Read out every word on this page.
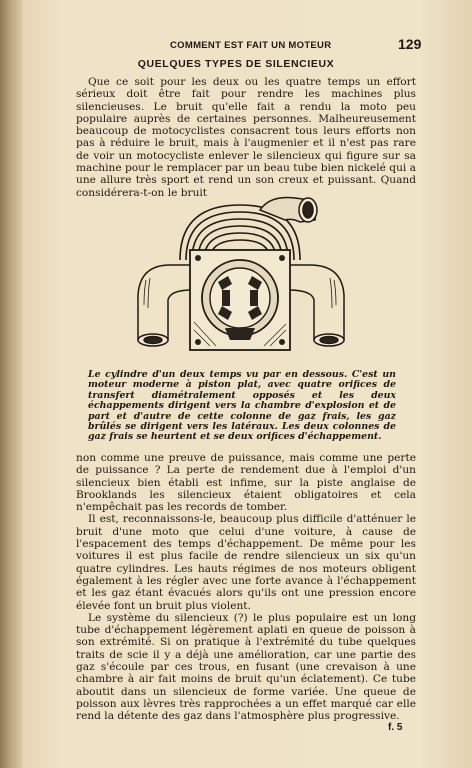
COMMENT EST FAIT UN MOTEUR	129
QUELQUES TYPES DE SILENCIEUX

Que ce soit pour les deux ou les quatre temps un effort sérieux doit être fait pour rendre les machines plus silencieuses. Le bruit qu'elle fait a rendu la moto peu populaire auprès de certaines personnes. Malheureusement beaucoup de motocyclistes consacrent tous leurs efforts non pas à réduire le bruit, mais à l'augmenier et il n'est pas rare de voir un motocycliste enlever le silencieux qui figure sur sa machine pour le remplacer par un beau tube bien nickelé qui a une allure très sport et rend un son creux et puissant. Quand considérera-t-on le bruit

Le cylindre d'un deux temps vu par en dessous. C'est un moteur moderne à piston plat, avec quatre orifices de transfert diamétralement opposés et les deux échappements dirigent vers la chambre d'explosion et de part et d'autre de cette colonne de gaz frais, les gaz brûlés se dirigent vers les latéraux. Les deux colonnes de gaz frais se heurtent et se deux orifices d'échappement.

non comme une preuve de puissance, mais comme une perte de puissance ? La perte de rendement due à l'emploi d'un silencieux bien établi est infime, sur la piste anglaise de Brooklands les silencieux étaient obligatoires et cela n'empêchait pas les records de tomber.

Il est, reconnaissons-le, beaucoup plus difficile d'atténuer le bruit d'une moto que celui d'une voiture, à cause de l'espacement des temps d'échappement. De même pour les voitures il est plus facile de rendre silencieux un six qu'un quatre cylindres. Les hauts régimes de nos moteurs obligent également à les régler avec une forte avance à l'échappement et les gaz étant évacués alors qu'ils ont une pression encore élevée font un bruit plus violent.

Le système du silencieux (?) le plus populaire est un long tube d'échappement légèrement aplati en queue de poisson à son extrémité. Si on pratique à l'extrémité du tube quelques traits de scie il y a déjà une amélioration, car une partie des gaz s'écoule par ces trous, en fusant (une crevaison à une chambre à air fait moins de bruit qu'un éclatement). Ce tube aboutit dans un silencieux de forme variée. Une queue de poisson aux lèvres très rapprochées a un effet marqué car elle rend la détente des gaz dans l'atmosphère plus progressive.

f. 5
